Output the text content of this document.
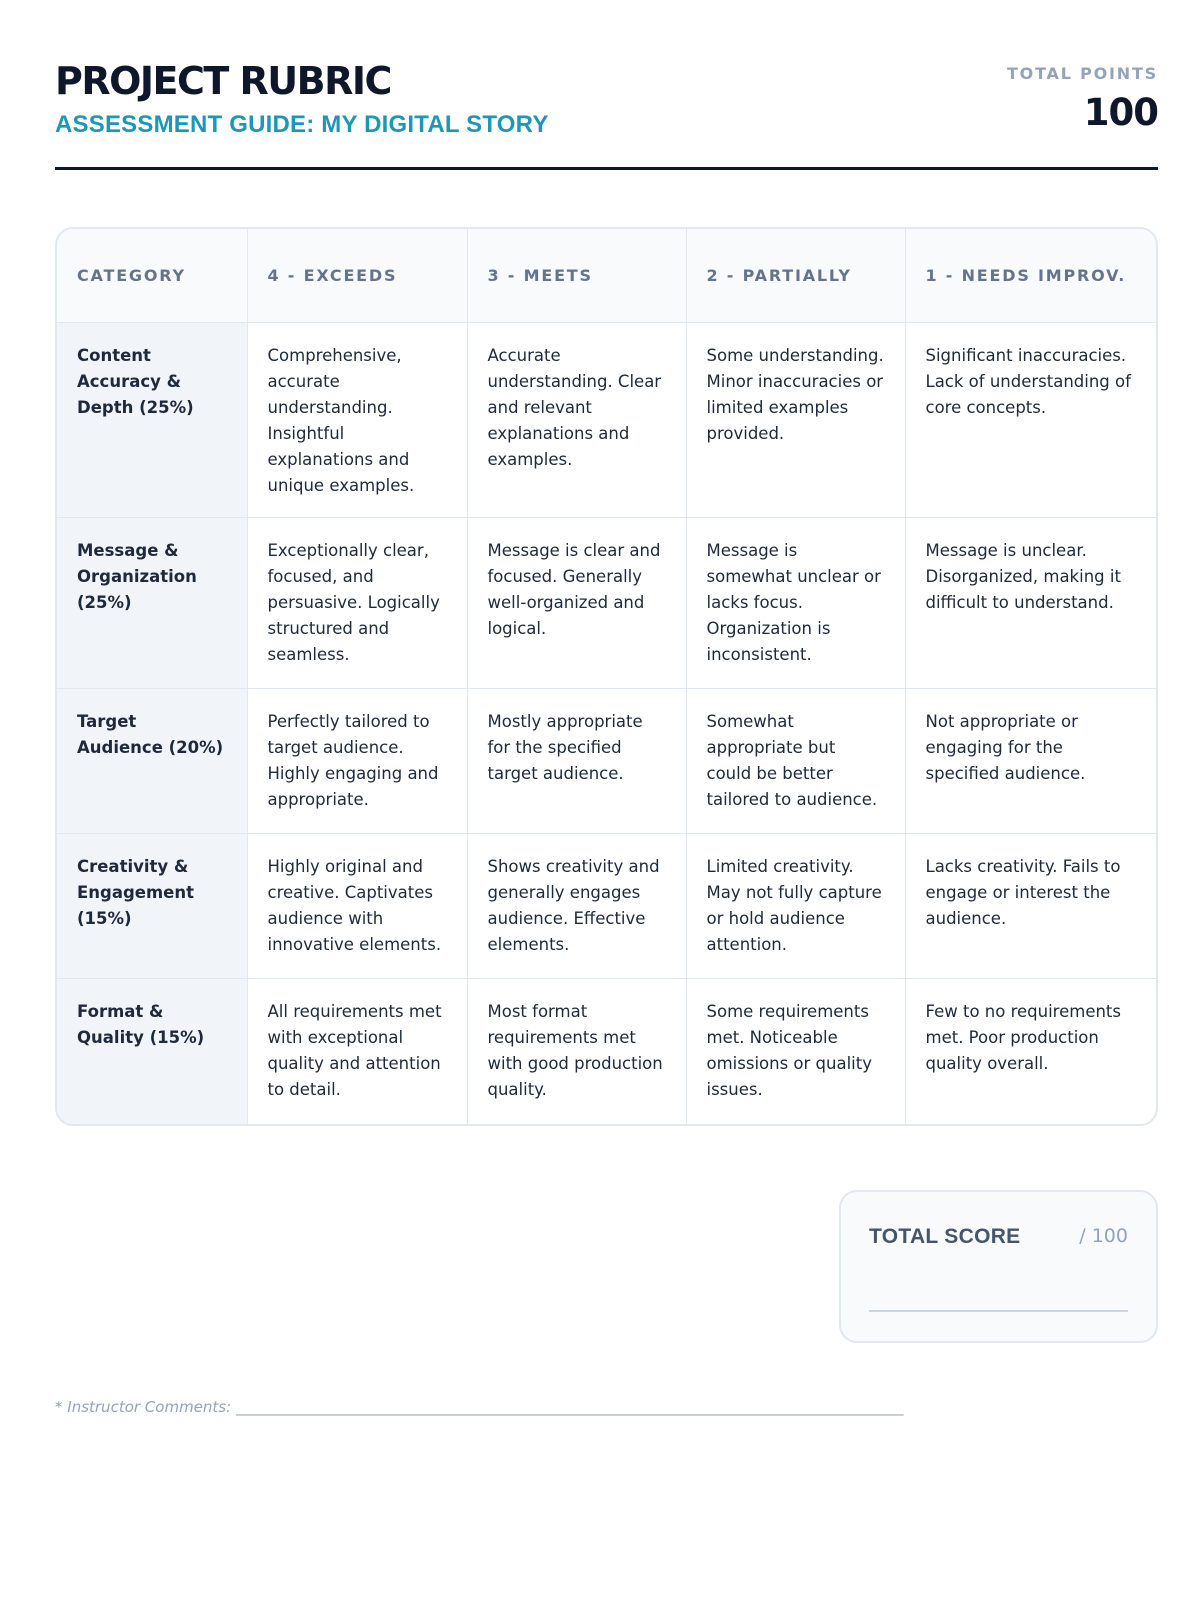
PROJECT RUBRIC
ASSESSMENT GUIDE: MY DIGITAL STORY
TOTAL POINTS
100
CATEGORY	4 - EXCEEDS	3 - MEETS	2 - PARTIALLY	1 - NEEDS IMPROV.
Content Accuracy & Depth (25%)	Comprehensive, accurate understanding. Insightful explanations and unique examples.	Accurate understanding. Clear and relevant explanations and examples.	Some understanding. Minor inaccuracies or limited examples provided.	Significant inaccuracies. Lack of understanding of core concepts.
Message & Organization (25%)	Exceptionally clear, focused, and persuasive. Logically structured and seamless.	Message is clear and focused. Generally well-organized and logical.	Message is somewhat unclear or lacks focus. Organization is inconsistent.	Message is unclear. Disorganized, making it difficult to understand.
Target Audience (20%)	Perfectly tailored to target audience. Highly engaging and appropriate.	Mostly appropriate for the specified target audience.	Somewhat appropriate but could be better tailored to audience.	Not appropriate or engaging for the specified audience.
Creativity & Engagement (15%)	Highly original and creative. Captivates audience with innovative elements.	Shows creativity and generally engages audience. Effective elements.	Limited creativity. May not fully capture or hold audience attention.	Lacks creativity. Fails to engage or interest the audience.
Format & Quality (15%)	All requirements met with exceptional quality and attention to detail.	Most format requirements met with good production quality.	Some requirements met. Noticeable omissions or quality issues.	Few to no requirements met. Poor production quality overall.
TOTAL SCORE	/ 100
* Instructor Comments: _________________________________________________________________________________________
